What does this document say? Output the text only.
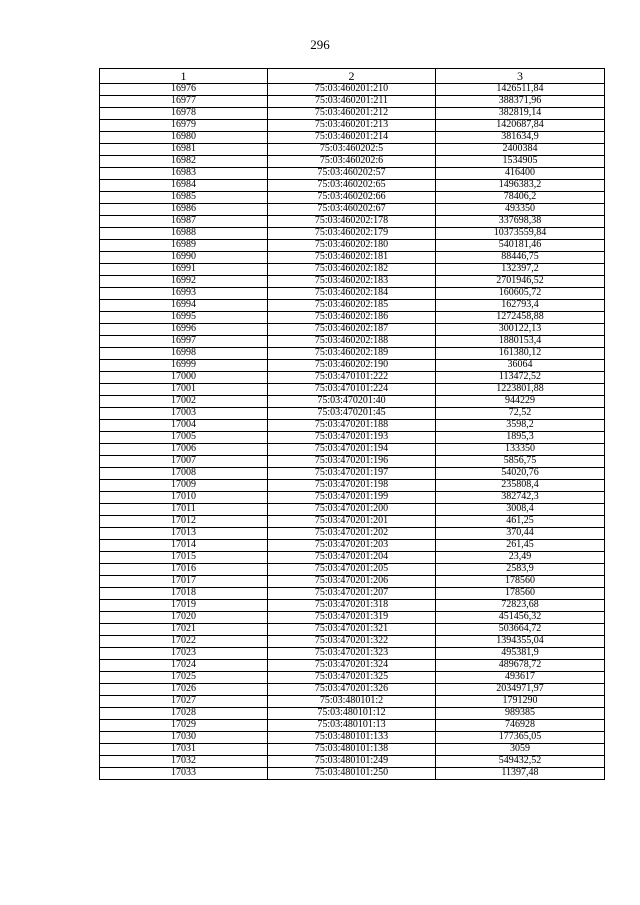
296
1	2	3
16976	75:03:460201:210	1426511,84
16977	75:03:460201:211	388371,96
16978	75:03:460201:212	382819,14
16979	75:03:460201:213	1420687,84
16980	75:03:460201:214	381634,9
16981	75:03:460202:5	2400384
16982	75:03:460202:6	1534905
16983	75:03:460202:57	416400
16984	75:03:460202:65	1496383,2
16985	75:03:460202:66	78406,2
16986	75:03:460202:67	493350
16987	75:03:460202:178	337698,38
16988	75:03:460202:179	10373559,84
16989	75:03:460202:180	540181,46
16990	75:03:460202:181	88446,75
16991	75:03:460202:182	132397,2
16992	75:03:460202:183	2701946,52
16993	75:03:460202:184	160605,72
16994	75:03:460202:185	162793,4
16995	75:03:460202:186	1272458,88
16996	75:03:460202:187	300122,13
16997	75:03:460202:188	1880153,4
16998	75:03:460202:189	161380,12
16999	75:03:460202:190	36064
17000	75:03:470101:222	113472,52
17001	75:03:470101:224	1223801,88
17002	75:03:470201:40	944229
17003	75:03:470201:45	72,52
17004	75:03:470201:188	3598,2
17005	75:03:470201:193	1895,3
17006	75:03:470201:194	133350
17007	75:03:470201:196	5856,75
17008	75:03:470201:197	54020,76
17009	75:03:470201:198	235808,4
17010	75:03:470201:199	382742,3
17011	75:03:470201:200	3008,4
17012	75:03:470201:201	461,25
17013	75:03:470201:202	370,44
17014	75:03:470201:203	261,45
17015	75:03:470201:204	23,49
17016	75:03:470201:205	2583,9
17017	75:03:470201:206	178560
17018	75:03:470201:207	178560
17019	75:03:470201:318	72823,68
17020	75:03:470201:319	451456,32
17021	75:03:470201:321	503664,72
17022	75:03:470201:322	1394355,04
17023	75:03:470201:323	495381,9
17024	75:03:470201:324	489678,72
17025	75:03:470201:325	493617
17026	75:03:470201:326	2034971,97
17027	75:03:480101:2	1791290
17028	75:03:480101:12	989385
17029	75:03:480101:13	746928
17030	75:03:480101:133	177365,05
17031	75:03:480101:138	3059
17032	75:03:480101:249	549432,52
17033	75:03:480101:250	11397,48
